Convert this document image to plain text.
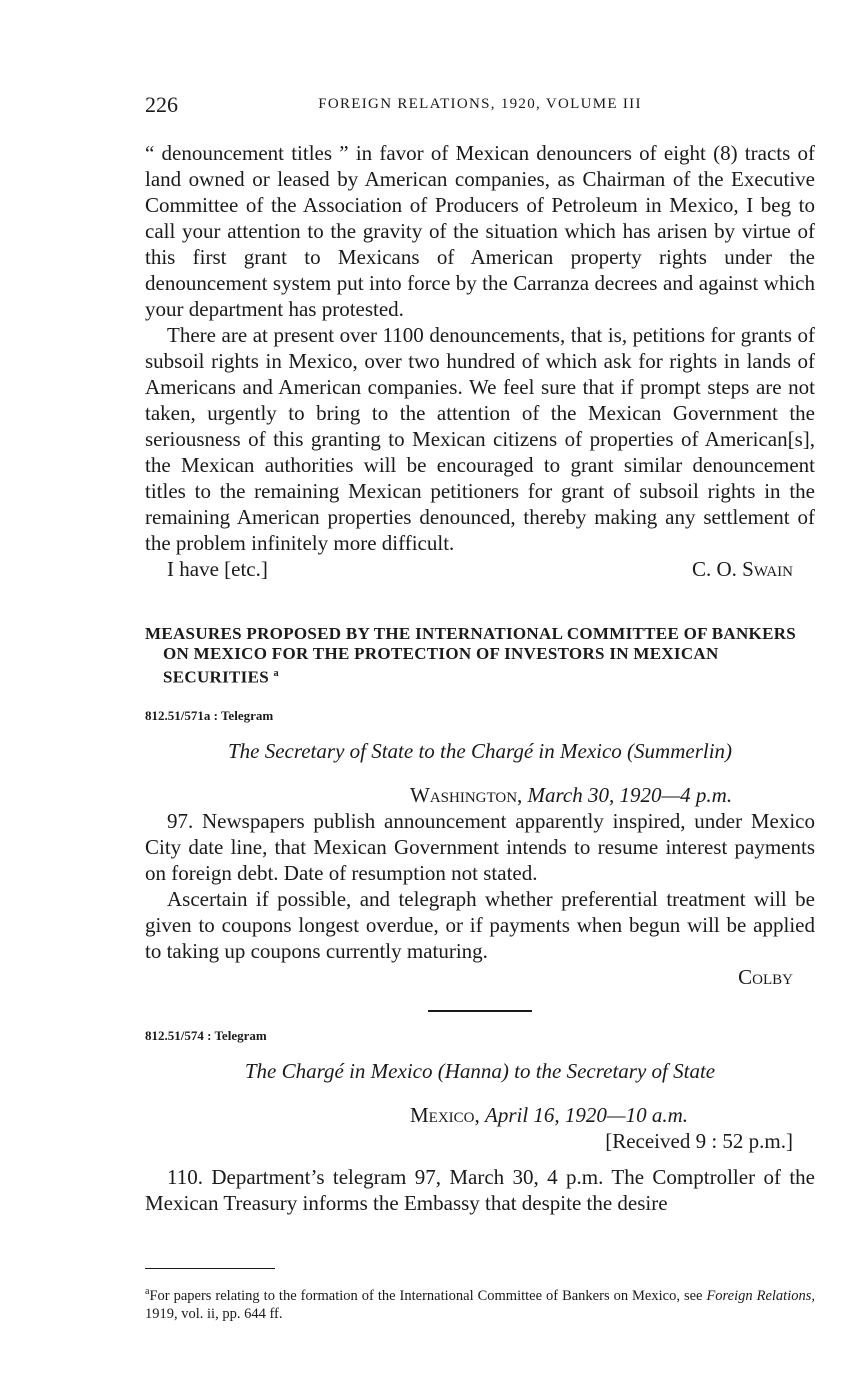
226	FOREIGN RELATIONS, 1920, VOLUME III

“ denouncement titles ” in favor of Mexican denouncers of eight (8) tracts of land owned or leased by American companies, as Chairman of the Executive Committee of the Association of Producers of Petroleum in Mexico, I beg to call your attention to the gravity of the situation which has arisen by virtue of this first grant to Mexicans of American property rights under the denouncement system put into force by the Carranza decrees and against which your department has protested.

There are at present over 1100 denouncements, that is, petitions for grants of subsoil rights in Mexico, over two hundred of which ask for rights in lands of Americans and American companies. We feel sure that if prompt steps are not taken, urgently to bring to the attention of the Mexican Government the seriousness of this granting to Mexican citizens of properties of American[s], the Mexican authorities will be encouraged to grant similar denouncement titles to the remaining Mexican petitioners for grant of subsoil rights in the remaining American properties denounced, thereby making any settlement of the problem infinitely more difficult.

I have [etc.]	C. O. Swain
MEASURES PROPOSED BY THE INTERNATIONAL COMMITTEE OF BANKERS ON MEXICO FOR THE PROTECTION OF INVESTORS IN MEXICAN SECURITIES $^a$
812.51/571a : Telegram
The Secretary of State to the Chargé in Mexico (Summerlin)
Washington, March 30, 1920—4 p.m.

97. Newspapers publish announcement apparently inspired, under Mexico City date line, that Mexican Government intends to resume interest payments on foreign debt. Date of resumption not stated.

Ascertain if possible, and telegraph whether preferential treatment will be given to coupons longest overdue, or if payments when begun will be applied to taking up coupons currently maturing.

Colby
812.51/574 : Telegram
The Chargé in Mexico (Hanna) to the Secretary of State
Mexico, April 16, 1920—10 a.m.
[Received 9 : 52 p.m.]

110. Department’s telegram 97, March 30, 4 p.m. The Comptroller of the Mexican Treasury informs the Embassy that despite the desire

$^a$For papers relating to the formation of the International Committee of Bankers on Mexico, see Foreign Relations, 1919, vol. ii, pp. 644 ff.
